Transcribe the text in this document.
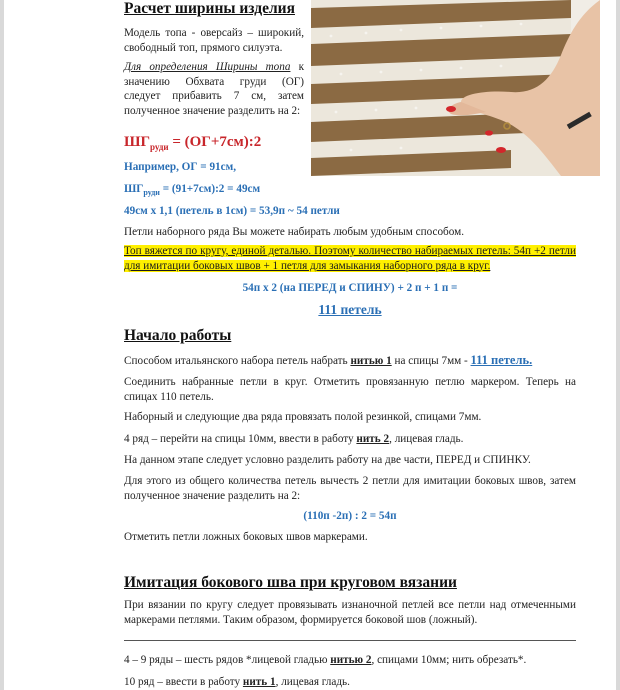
Расчет ширины изделия
Модель топа - оверсайз – широкий, свободный топ, прямого силуэта.
Для определения Ширины топа к значению Обхвата груди (ОГ) следует прибавить 7 см, затем полученное значение разделить на 2:
$ШГ_{руди}$ = (ОГ+7см):2
Например, ОГ = 91см,
$ШГ_{руди}$ = (91+7см):2 = 49см
49см х 1,1 (петель в 1см) = 53,9п ~ 54 петли
Петли наборного ряда Вы можете набирать любым удобным способом.
Топ вяжется по кругу, единой деталью. Поэтому количество набираемых петель: 54п +2 петли для имитации боковых швов + 1 петля для замыкания наборного ряда в круг.
54п х 2 (на ПЕРЕД и СПИНУ) + 2 п + 1 п =
111 петель
Начало работы
Способом итальянского набора петель набрать нитью 1 на спицы 7мм - 111 петель.
Соединить набранные петли в круг. Отметить провязанную петлю маркером. Теперь на спицах 110 петель.
Наборный и следующие два ряда провязать полой резинкой, спицами 7мм.
4 ряд – перейти на спицы 10мм, ввести в работу нить 2, лицевая гладь.
На данном этапе следует условно разделить работу на две части, ПЕРЕД и СПИНКУ.
Для этого из общего количества петель вычесть 2 петли для имитации боковых швов, затем полученное значение разделить на 2:
(110п -2п) : 2 = 54п
Отметить петли ложных боковых швов маркерами.
Имитация бокового шва при круговом вязании
При вязании по кругу следует провязывать изнаночной петлей все петли над отмеченными маркерами петлями. Таким образом, формируется боковой шов (ложный).
4 – 9 ряды – шесть рядов *лицевой гладью нитью 2, спицами 10мм; нить обрезать*.
10 ряд – ввести в работу нить 1, лицевая гладь.
